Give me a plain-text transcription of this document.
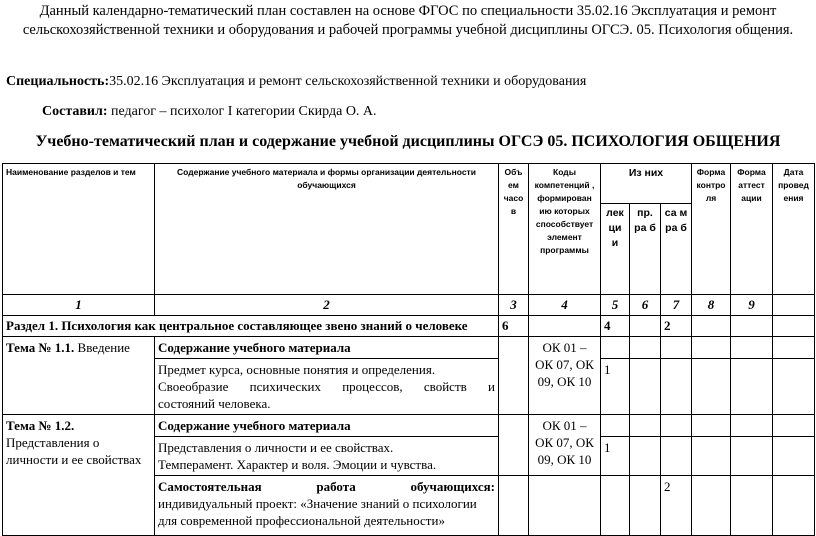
Данный календарно-тематический план составлен на основе ФГОС по специальности 35.02.16 Эксплуатация и ремонт
сельскохозяйственной техники и оборудования и рабочей программы учебной дисциплины ОГСЭ. 05. Психология общения.
Специальность:35.02.16 Эксплуатация и ремонт сельскохозяйственной техники и оборудования
Составил: педагог – психолог I категории Скирда О. А.
Учебно-тематический план и содержание учебной дисциплины ОГСЭ 05. ПСИХОЛОГИЯ ОБЩЕНИЯ
Наименование разделов и тем	Содержание учебного материала и формы организации деятельности обучающихся	Объ ем часо в	Коды компетенций , формирован ию которых способствует элемент программы	Из них			Форма контро ля	Форма аттест ации	Дата провед ения
				лек ци и	пр. ра б	са м ра б			
1	2	3	4	5	6	7	8	9	
Раздел 1. Психология как центральное составляющее звено знаний о человеке		6		4		2			
Тема № 1.1. Введение	Содержание учебного материала		ОК 01 – ОК 07, ОК 09, ОК 10						

	Предмет курса, основные понятия и определения.
Своеобразие психических процессов, свойств и
состояний человека.			1					
Тема № 1.2.
Представления о личности и ее свойствах	Содержание учебного материала		ОК 01 – ОК 07, ОК 09, ОК 10						

	Представления о личности и ее свойствах.
Темперамент. Характер и воля. Эмоции и чувства.			1					

	Самостоятельная работа обучающихся:
индивидуальный проект: «Значение знаний о психологии
для современной профессиональной деятельности»					2			
